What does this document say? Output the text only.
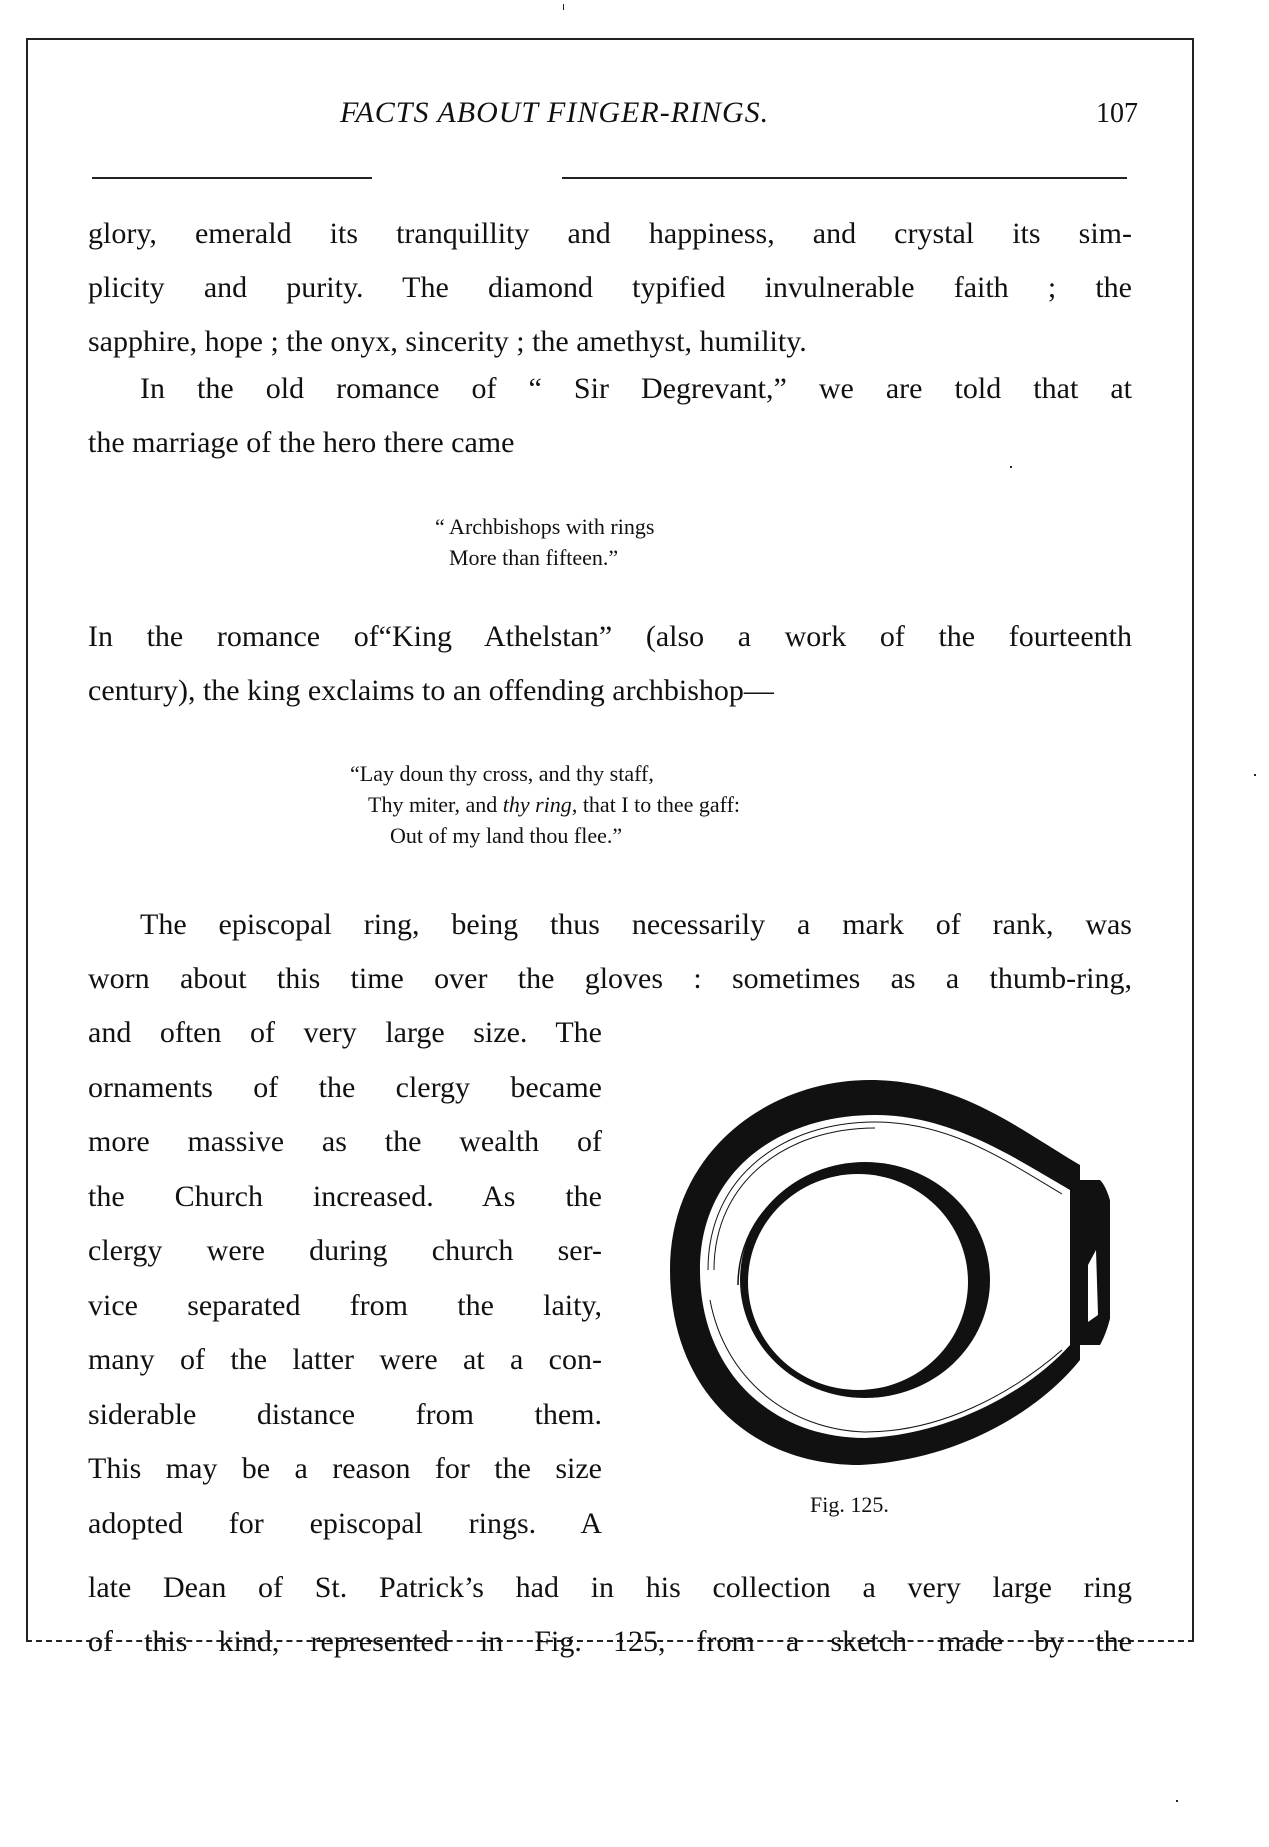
FACTS ABOUT FINGER-RINGS.	107
glory, emerald its tranquillity and happiness, and crystal its sim-
plicity and purity. The diamond typified invulnerable faith ; the
sapphire, hope ; the onyx, sincerity ; the amethyst, humility.
In the old romance of “ Sir Degrevant,” we are told that at
the marriage of the hero there came
“ Archbishops with rings
More than fifteen.”
In the romance of“King Athelstan” (also a work of the fourteenth
century), the king exclaims to an offending archbishop—
“Lay doun thy cross, and thy staff,
Thy miter, and thy ring, that I to thee gaff:
Out of my land thou flee.”
The episcopal ring, being thus necessarily a mark of rank, was
worn about this time over the gloves : sometimes as a thumb-ring,
and often of very large size. The
ornaments of the clergy became
more massive as the wealth of
the Church increased. As the
clergy were during church ser-
vice separated from the laity,
many of the latter were at a con-
siderable distance from them.
This may be a reason for the size
adopted for episcopal rings. A
Fig. 125.
late Dean of St. Patrick’s had in his collection a very large ring
of this kind, represented in Fig. 125, from a sketch made by the
